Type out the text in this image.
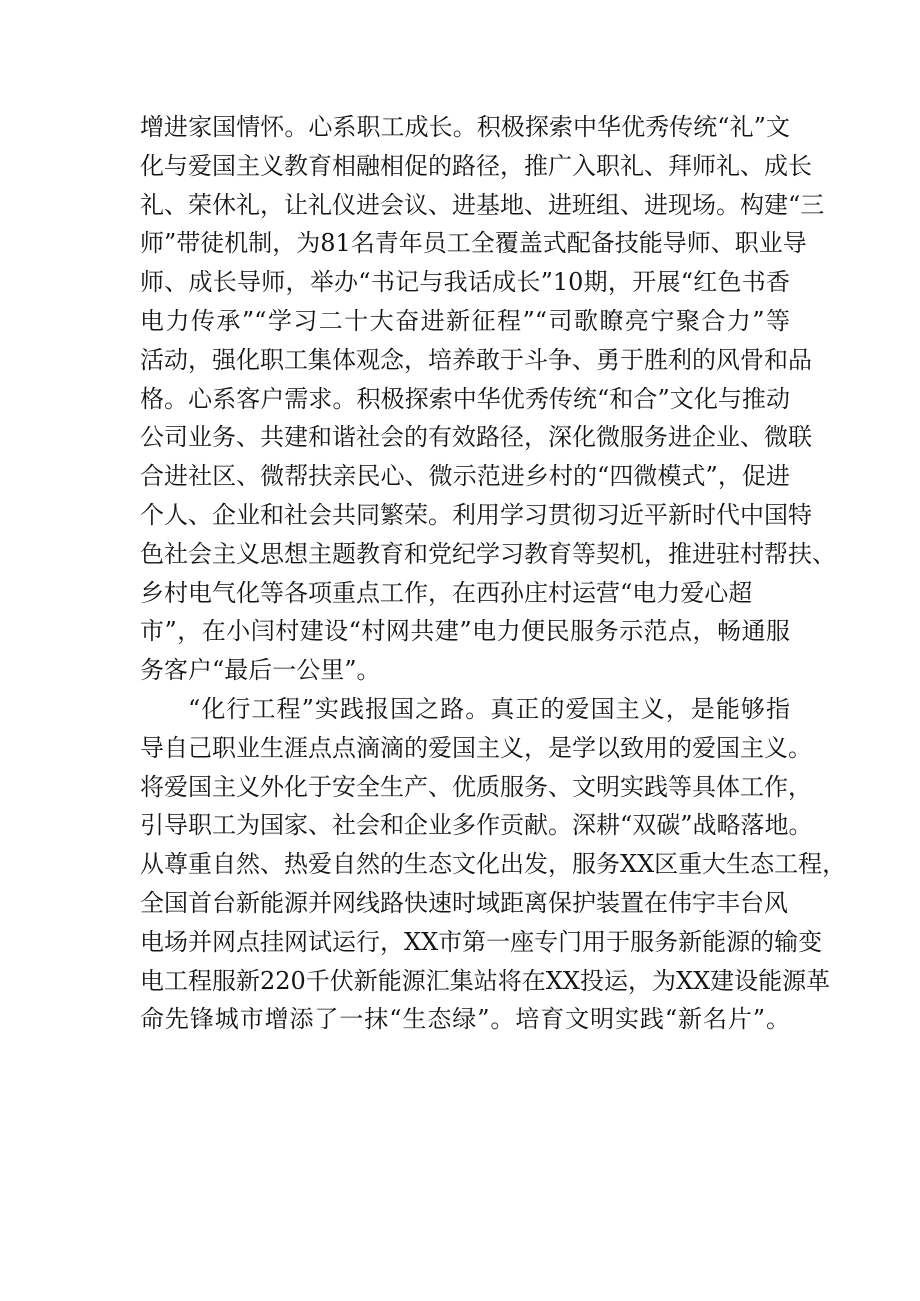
增进家国情怀。心系职工成长。积极探索中华优秀传统“礼”文
化与爱国主义教育相融相促的路径，推广入职礼、拜师礼、成长
礼、荣休礼，让礼仪进会议、进基地、进班组、进现场。构建“三
师”带徒机制，为81名青年员工全覆盖式配备技能导师、职业导
师、成长导师，举办“书记与我话成长”10期，开展“红色书香
电力传承”“学习二十大奋进新征程”“司歌瞭亮宁聚合力”等
活动，强化职工集体观念，培养敢于斗争、勇于胜利的风骨和品
格。心系客户需求。积极探索中华优秀传统“和合”文化与推动
公司业务、共建和谐社会的有效路径，深化微服务进企业、微联
合进社区、微帮扶亲民心、微示范进乡村的“四微模式”，促进
个人、企业和社会共同繁荣。利用学习贯彻习近平新时代中国特
色社会主义思想主题教育和党纪学习教育等契机，推进驻村帮扶、
乡村电气化等各项重点工作，在西孙庄村运营“电力爱心超
市”，在小闫村建设“村网共建”电力便民服务示范点，畅通服
务客户“最后一公里”。
“化行工程”实践报国之路。真正的爱国主义，是能够指
导自己职业生涯点点滴滴的爱国主义，是学以致用的爱国主义。
将爱国主义外化于安全生产、优质服务、文明实践等具体工作，
引导职工为国家、社会和企业多作贡献。深耕“双碳”战略落地。
从尊重自然、热爱自然的生态文化出发，服务XX区重大生态工程，
全国首台新能源并网线路快速时域距离保护装置在伟宇丰台风
电场并网点挂网试运行，XX市第一座专门用于服务新能源的输变
电工程服新220千伏新能源汇集站将在XX投运，为XX建设能源革
命先锋城市增添了一抹“生态绿”。培育文明实践“新名片”。
